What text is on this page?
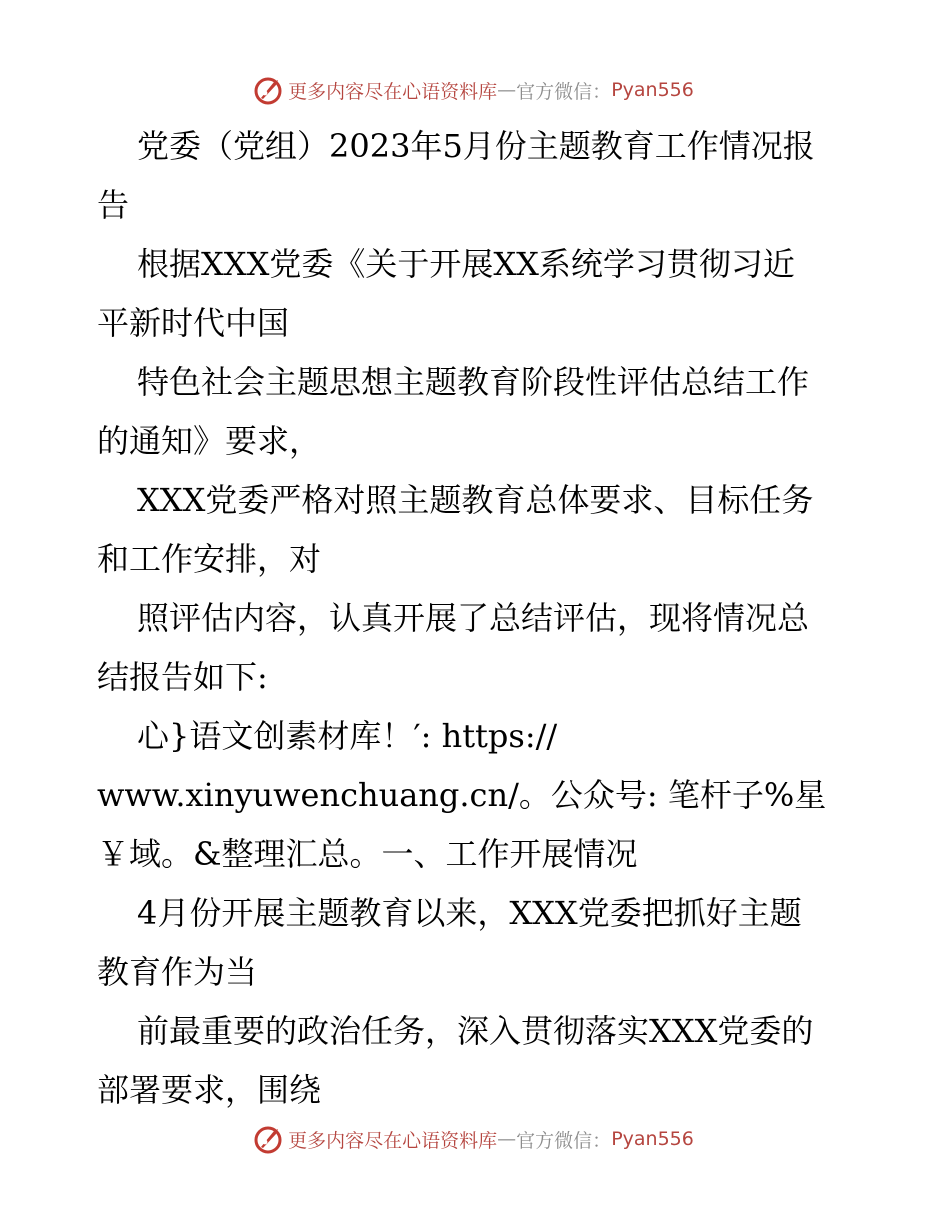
更多内容尽在心语资料库 — 官方微信： Pyan556

党委（党组）2023年5月份主题教育工作情况报
告

根据XXX党委《关于开展XX系统学习贯彻习近
平新时代中国

特色社会主题思想主题教育阶段性评估总结工作
的通知》要求，

XXX党委严格对照主题教育总体要求、目标任务
和工作安排，对

照评估内容，认真开展了总结评估，现将情况总
结报告如下:

心}语文创素材库！′: https://
www.xinyuwenchuang.cn/。公众号: 笔杆子%星
￥域。&整理汇总。一、工作开展情况

4月份开展主题教育以来，XXX党委把抓好主题
教育作为当

前最重要的政治任务，深入贯彻落实XXX党委的
部署要求，围绕

更多内容尽在心语资料库 — 官方微信： Pyan556
